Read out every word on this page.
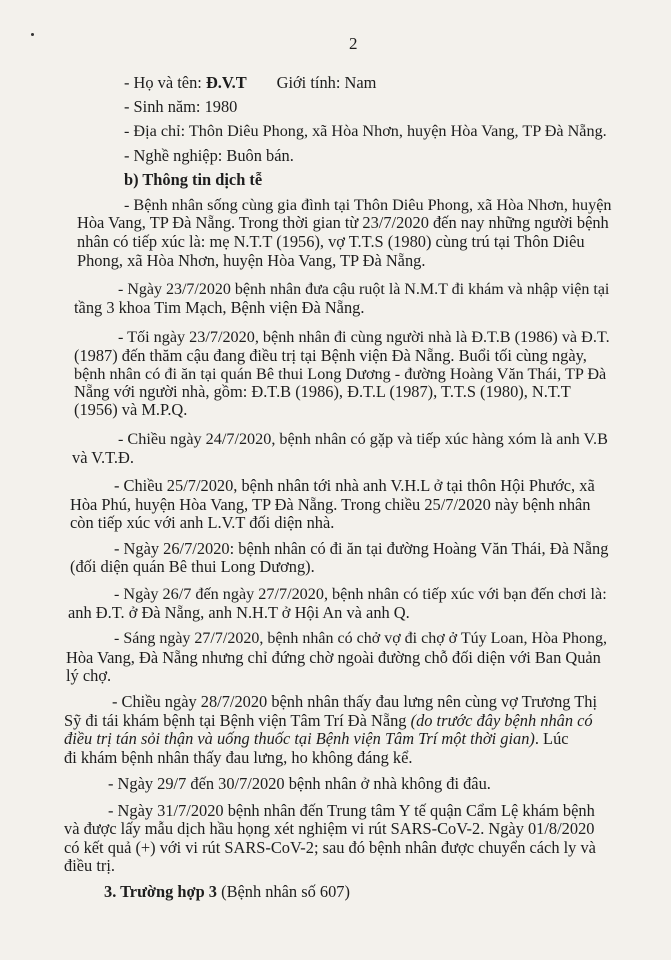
2
- Họ và tên: Đ.V.T Giới tính: Nam
- Sinh năm: 1980
- Địa chỉ: Thôn Diêu Phong, xã Hòa Nhơn, huyện Hòa Vang, TP Đà Nẵng.
- Nghề nghiệp: Buôn bán.
b) Thông tin dịch tễ
- Bệnh nhân sống cùng gia đình tại Thôn Diêu Phong, xã Hòa Nhơn, huyện
Hòa Vang, TP Đà Nẵng. Trong thời gian từ 23/7/2020 đến nay những người bệnh
nhân có tiếp xúc là: mẹ N.T.T (1956), vợ T.T.S (1980) cùng trú tại Thôn Diêu
Phong, xã Hòa Nhơn, huyện Hòa Vang, TP Đà Nẵng.
- Ngày 23/7/2020 bệnh nhân đưa cậu ruột là N.M.T đi khám và nhập viện tại
tầng 3 khoa Tim Mạch, Bệnh viện Đà Nẵng.
- Tối ngày 23/7/2020, bệnh nhân đi cùng người nhà là Đ.T.B (1986) và Đ.T.
(1987) đến thăm cậu đang điều trị tại Bệnh viện Đà Nẵng. Buổi tối cùng ngày,
bệnh nhân có đi ăn tại quán Bê thui Long Dương - đường Hoàng Văn Thái, TP Đà
Nẵng với người nhà, gồm: Đ.T.B (1986), Đ.T.L (1987), T.T.S (1980), N.T.T
(1956) và M.P.Q.
- Chiều ngày 24/7/2020, bệnh nhân có gặp và tiếp xúc hàng xóm là anh V.B
và V.T.Đ.
- Chiều 25/7/2020, bệnh nhân tới nhà anh V.H.L ở tại thôn Hội Phước, xã
Hòa Phú, huyện Hòa Vang, TP Đà Nẵng. Trong chiều 25/7/2020 này bệnh nhân
còn tiếp xúc với anh L.V.T đối diện nhà.
- Ngày 26/7/2020: bệnh nhân có đi ăn tại đường Hoàng Văn Thái, Đà Nẵng
(đối diện quán Bê thui Long Dương).
- Ngày 26/7 đến ngày 27/7/2020, bệnh nhân có tiếp xúc với bạn đến chơi là:
anh Đ.T. ở Đà Nẵng, anh N.H.T ở Hội An và anh Q.
- Sáng ngày 27/7/2020, bệnh nhân có chở vợ đi chợ ở Túy Loan, Hòa Phong,
Hòa Vang, Đà Nẵng nhưng chỉ đứng chờ ngoài đường chỗ đối diện với Ban Quản
lý chợ.
- Chiều ngày 28/7/2020 bệnh nhân thấy đau lưng nên cùng vợ Trương Thị
Sỹ đi tái khám bệnh tại Bệnh viện Tâm Trí Đà Nẵng (do trước đây bệnh nhân có
điều trị tán sỏi thận và uống thuốc tại Bệnh viện Tâm Trí một thời gian). Lúc
đi khám bệnh nhân thấy đau lưng, ho không đáng kể.
- Ngày 29/7 đến 30/7/2020 bệnh nhân ở nhà không đi đâu.
- Ngày 31/7/2020 bệnh nhân đến Trung tâm Y tế quận Cẩm Lệ khám bệnh
và được lấy mẫu dịch hầu họng xét nghiệm vi rút SARS-CoV-2. Ngày 01/8/2020
có kết quả (+) với vi rút SARS-CoV-2; sau đó bệnh nhân được chuyển cách ly và
điều trị.
3. Trường hợp 3 (Bệnh nhân số 607)
